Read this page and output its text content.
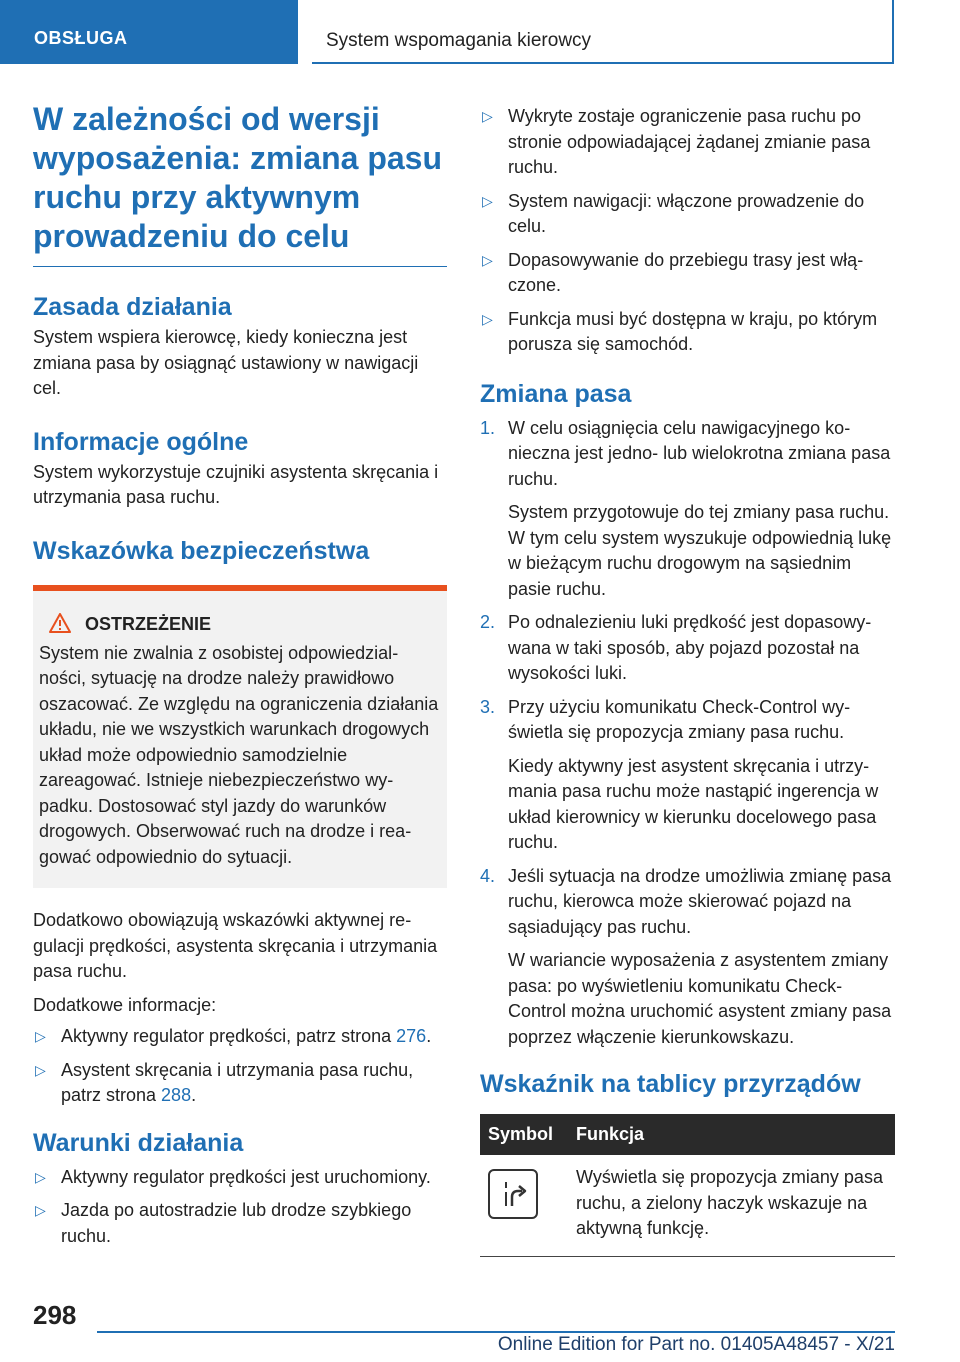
OBSŁUGA	System wspomagania kierowcy
W zależności od wersji wyposażenia: zmiana pasu ruchu przy aktywnym prowadzeniu do celu
Zasada działania

System wspiera kierowcę, kiedy konieczna jest zmiana pasa by osiągnąć ustawiony w nawigacji cel.

Informacje ogólne

System wykorzystuje czujniki asystenta skręcania i utrzymania pasa ruchu.

Wskazówka bezpieczeństwa
OSTRZEŻENIE

System nie zwalnia z osobistej odpowiedzialności, sytuację na drodze należy prawidłowo oszacować. Ze względu na ograniczenia działania układu, nie we wszystkich warunkach drogowych układ może odpowiednio samodzielnie zareagować. Istnieje niebezpieczeństwo wypadku. Dostosować styl jazdy do warunków drogowych. Obserwować ruch na drodze i reagować odpowiednio do sytuacji.

Dodatkowo obowiązują wskazówki aktywnej regulacji prędkości, asystenta skręcania i utrzymania pasa ruchu.

Dodatkowe informacje:

▷ Aktywny regulator prędkości, patrz strona 276.
▷ Asystent skręcania i utrzymania pasa ruchu, patrz strona 288.
Warunki działania
▷ Aktywny regulator prędkości jest uruchomiony.
▷ Jazda po autostradzie lub drodze szybkiego ruchu.
▷ Wykryte zostaje ograniczenie pasa ruchu po stronie odpowiadającej żądanej zmianie pasa ruchu.
▷ System nawigacji: włączone prowadzenie do celu.
▷ Dopasowywanie do przebiegu trasy jest włączone.
▷ Funkcja musi być dostępna w kraju, po którym porusza się samochód.
Zmiana pasa
1. W celu osiągnięcia celu nawigacyjnego konieczna jest jedno- lub wielokrotna zmiana pasa ruchu.

System przygotowuje do tej zmiany pasa ruchu. W tym celu system wyszukuje odpowiednią lukę w bieżącym ruchu drogowym na sąsiednim pasie ruchu.

2. Po odnalezieniu luki prędkość jest dopasowywana w taki sposób, aby pojazd pozostał na wysokości luki.

3. Przy użyciu komunikatu Check-Control wyświetla się propozycja zmiany pasa ruchu.

Kiedy aktywny jest asystent skręcania i utrzymania pasa ruchu może nastąpić ingerencja w układ kierownicy w kierunku docelowego pasa ruchu.

4. Jeśli sytuacja na drodze umożliwia zmianę pasa ruchu, kierowca może skierować pojazd na sąsiadujący pas ruchu.

W wariancie wyposażenia z asystentem zmiany pasa: po wyświetleniu komunikatu Check-Control można uruchomić asystent zmiany pasa poprzez włączenie kierunkowskazu.

Wskaźnik na tablicy przyrządów
Symbol	Funkcja

	Wyświetla się propozycja zmiany pasa ruchu, a zielony haczyk wskazuje na aktywną funkcję.
298
Online Edition for Part no. 01405A48457 - X/21
